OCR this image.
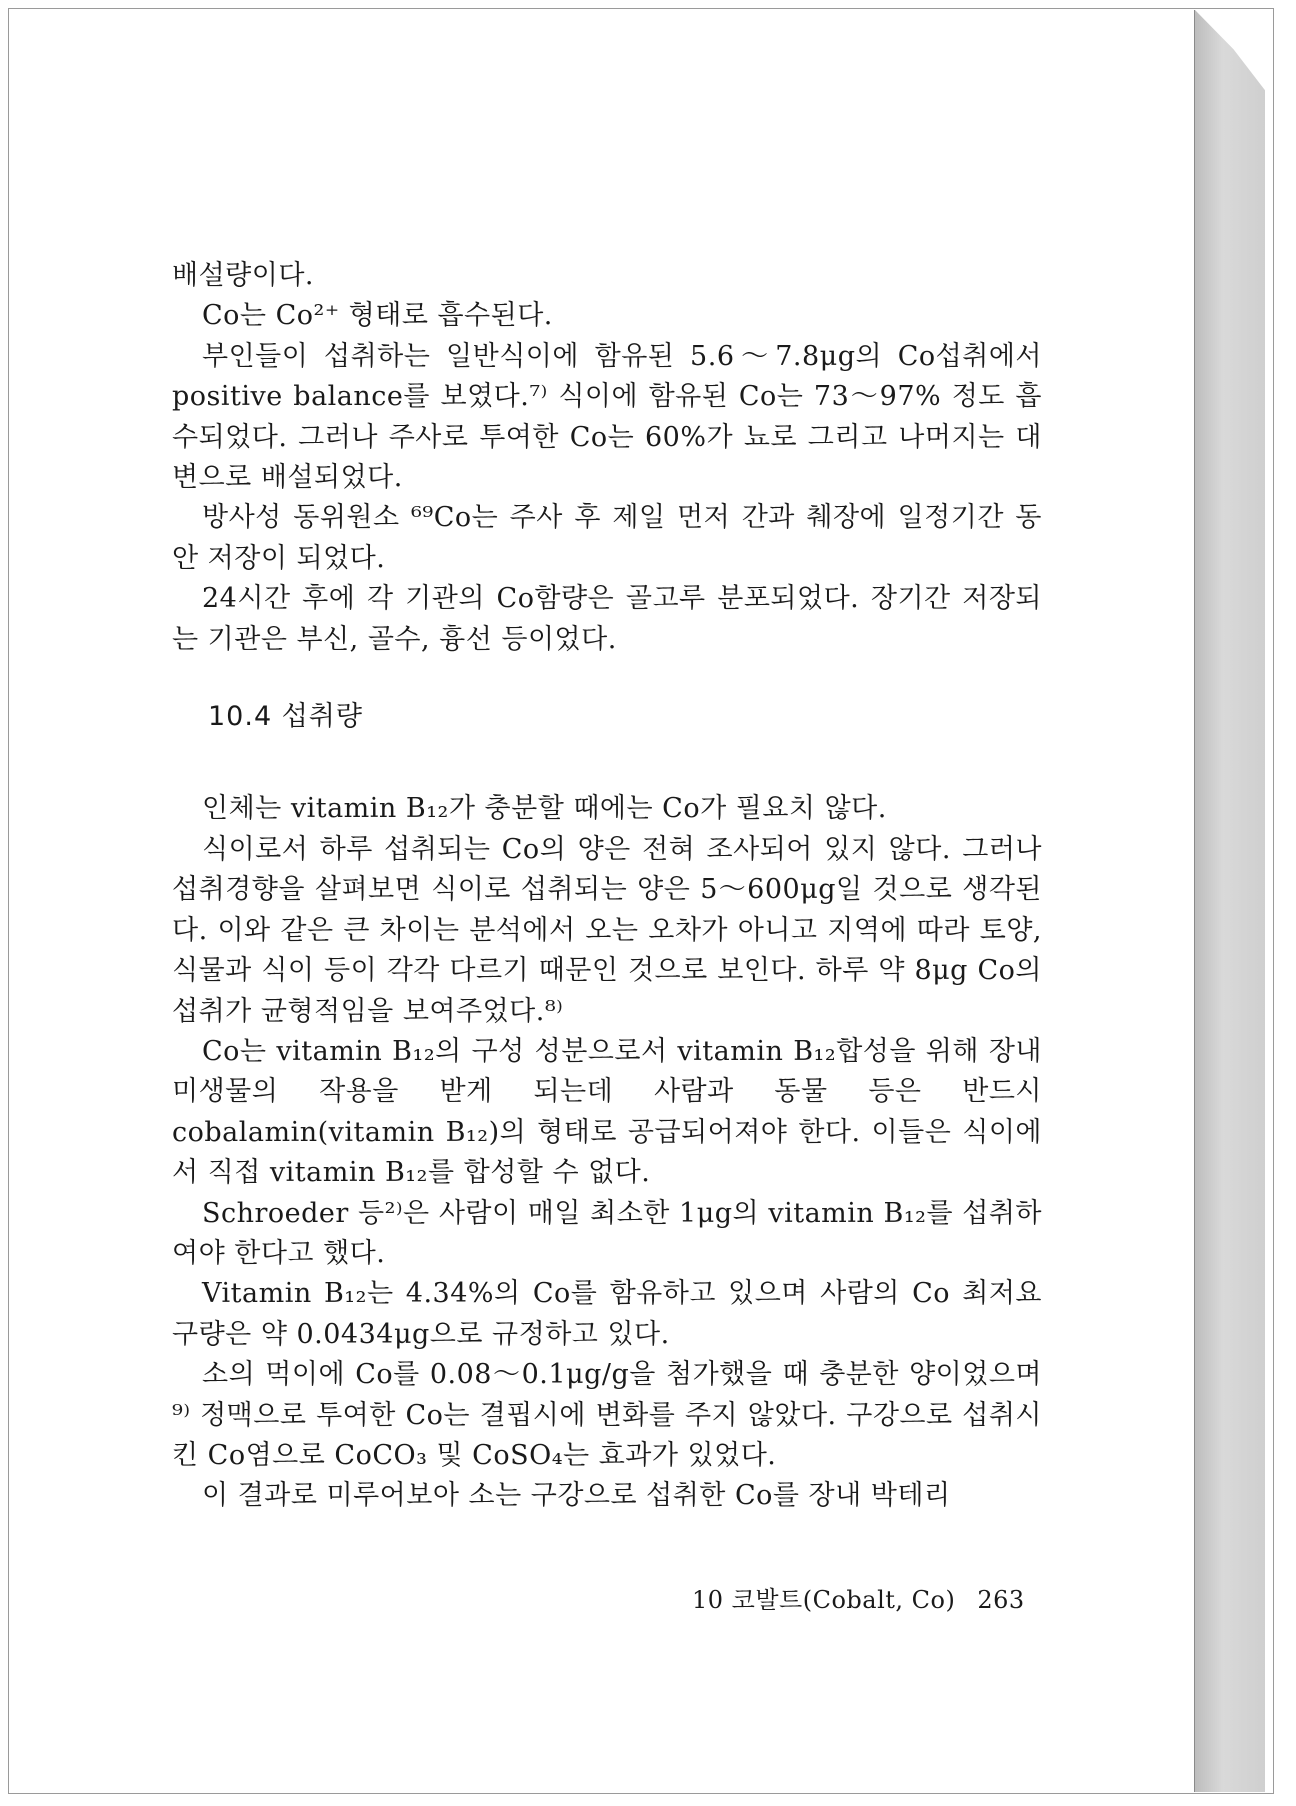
배설량이다.

Co는 Co²⁺ 형태로 흡수된다.

부인들이 섭취하는 일반식이에 함유된 5.6～7.8μg의 Co섭취에서 positive balance를 보였다.⁷⁾ 식이에 함유된 Co는 73～97% 정도 흡수되었다. 그러나 주사로 투여한 Co는 60%가 뇨로 그리고 나머지는 대변으로 배설되었다.

방사성 동위원소 ⁶⁹Co는 주사 후 제일 먼저 간과 췌장에 일정기간 동안 저장이 되었다.

24시간 후에 각 기관의 Co함량은 골고루 분포되었다. 장기간 저장되는 기관은 부신, 골수, 흉선 등이었다.

10.4 섭취량

인체는 vitamin B₁₂가 충분할 때에는 Co가 필요치 않다.

식이로서 하루 섭취되는 Co의 양은 전혀 조사되어 있지 않다. 그러나 섭취경향을 살펴보면 식이로 섭취되는 양은 5～600μg일 것으로 생각된다. 이와 같은 큰 차이는 분석에서 오는 오차가 아니고 지역에 따라 토양, 식물과 식이 등이 각각 다르기 때문인 것으로 보인다. 하루 약 8μg Co의 섭취가 균형적임을 보여주었다.⁸⁾

Co는 vitamin B₁₂의 구성 성분으로서 vitamin B₁₂합성을 위해 장내 미생물의 작용을 받게 되는데 사람과 동물 등은 반드시 cobalamin(vitamin B₁₂)의 형태로 공급되어져야 한다. 이들은 식이에서 직접 vitamin B₁₂를 합성할 수 없다.

Schroeder 등²⁾은 사람이 매일 최소한 1μg의 vitamin B₁₂를 섭취하여야 한다고 했다.

Vitamin B₁₂는 4.34%의 Co를 함유하고 있으며 사람의 Co 최저요구량은 약 0.0434μg으로 규정하고 있다.

소의 먹이에 Co를 0.08～0.1μg/g을 첨가했을 때 충분한 양이었으며⁹⁾ 정맥으로 투여한 Co는 결핍시에 변화를 주지 않았다. 구강으로 섭취시킨 Co염으로 CoCO₃ 및 CoSO₄는 효과가 있었다.

이 결과로 미루어보아 소는 구강으로 섭취한 Co를 장내 박테리

10 코발트(Cobalt, Co) 263
